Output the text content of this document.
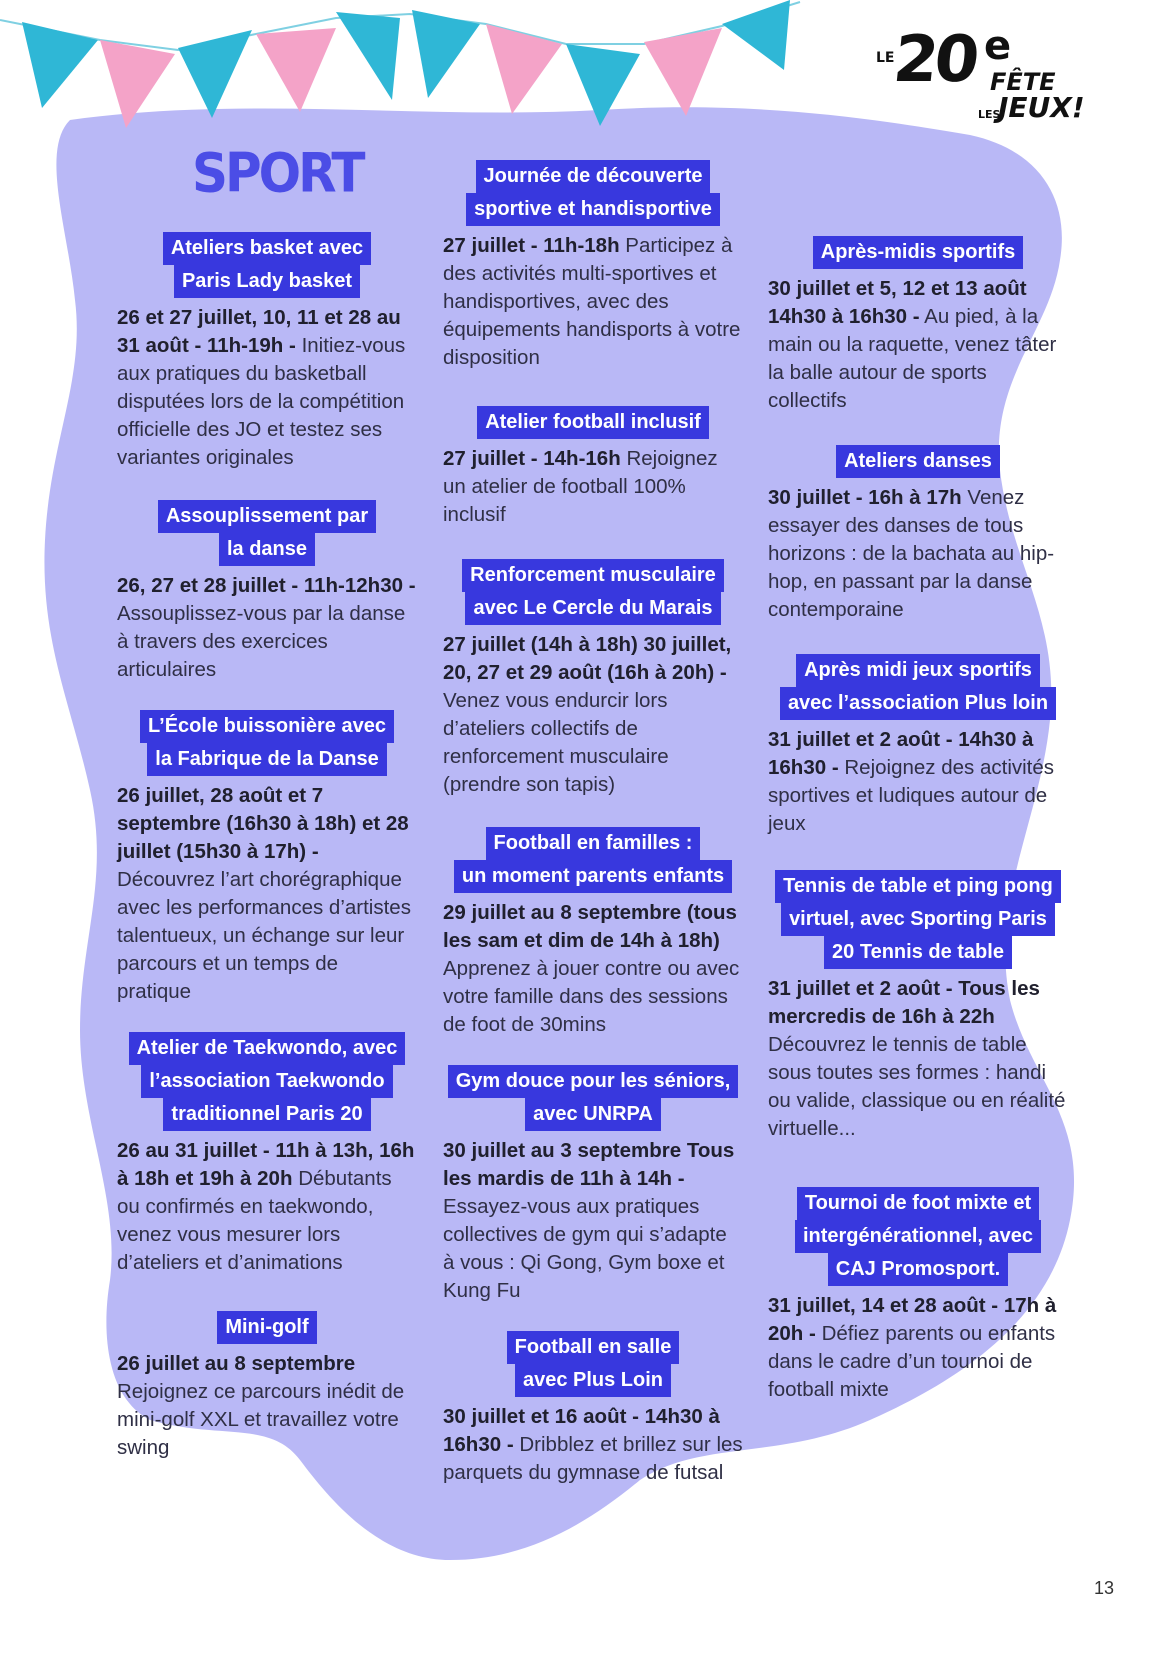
LE
20 e
FÊTE
LES
JEUX!
SPORT
Ateliers basket avec
Paris Lady basket

26 et 27 juillet, 10, 11 et 28 au 31 août - 11h-19h - Initiez-vous aux pratiques du basketball disputées lors de la compétition officielle des JO et testez ses variantes originales

Assouplissement par
la danse

26, 27 et 28 juillet - 11h-12h30 - Assouplissez-vous par la danse à travers des exercices articulaires

L’École buissonière avec
la Fabrique de la Danse

26 juillet, 28 août et 7 septembre (16h30 à 18h) et 28 juillet (15h30 à 17h) - Découvrez l’art chorégraphique avec les performances d’artistes talentueux, un échange sur leur parcours et un temps de pratique

Atelier de Taekwondo, avec
l’association Taekwondo
traditionnel Paris 20

26 au 31 juillet - 11h à 13h, 16h à 18h et 19h à 20h Débutants ou confirmés en taekwondo, venez vous mesurer lors d’ateliers et d’animations

Mini-golf

26 juillet au 8 septembre Rejoignez ce parcours inédit de mini-golf XXL et travaillez votre swing

Journée de découverte
sportive et handisportive

27 juillet - 11h-18h Participez à des activités multi-sportives et handisportives, avec des équipements handisports à votre disposition

Atelier football inclusif

27 juillet - 14h-16h Rejoignez un atelier de football 100% inclusif

Renforcement musculaire
avec Le Cercle du Marais

27 juillet (14h à 18h) 30 juillet, 20, 27 et 29 août (16h à 20h) - Venez vous endurcir lors d’ateliers collectifs de renforcement musculaire (prendre son tapis)

Football en familles :
un moment parents enfants

29 juillet au 8 septembre (tous les sam et dim de 14h à 18h) Apprenez à jouer contre ou avec votre famille dans des sessions de foot de 30mins

Gym douce pour les séniors,
avec UNRPA

30 juillet au 3 septembre Tous les mardis de 11h à 14h - Essayez-vous aux pratiques collectives de gym qui s’adapte à vous : Qi Gong, Gym boxe et Kung Fu

Football en salle
avec Plus Loin

30 juillet et 16 août - 14h30 à 16h30 - Dribblez et brillez sur les parquets du gymnase de futsal

Après-midis sportifs

30 juillet et 5, 12 et 13 août 14h30 à 16h30 - Au pied, à la main ou la raquette, venez tâter la balle autour de sports collectifs

Ateliers danses

30 juillet - 16h à 17h Venez essayer des danses de tous horizons : de la bachata au hip-hop, en passant par la danse contemporaine

Après midi jeux sportifs
avec l’association Plus loin

31 juillet et 2 août - 14h30 à 16h30 - Rejoignez des activités sportives et ludiques autour de jeux

Tennis de table et ping pong
virtuel, avec Sporting Paris
20 Tennis de table

31 juillet et 2 août - Tous les mercredis de 16h à 22h Découvrez le tennis de table sous toutes ses formes : handi ou valide, classique ou en réalité virtuelle...

Tournoi de foot mixte et
intergénérationnel, avec
CAJ Promosport.

31 juillet, 14 et 28 août - 17h à 20h - Défiez parents ou enfants dans le cadre d’un tournoi de football mixte

13
